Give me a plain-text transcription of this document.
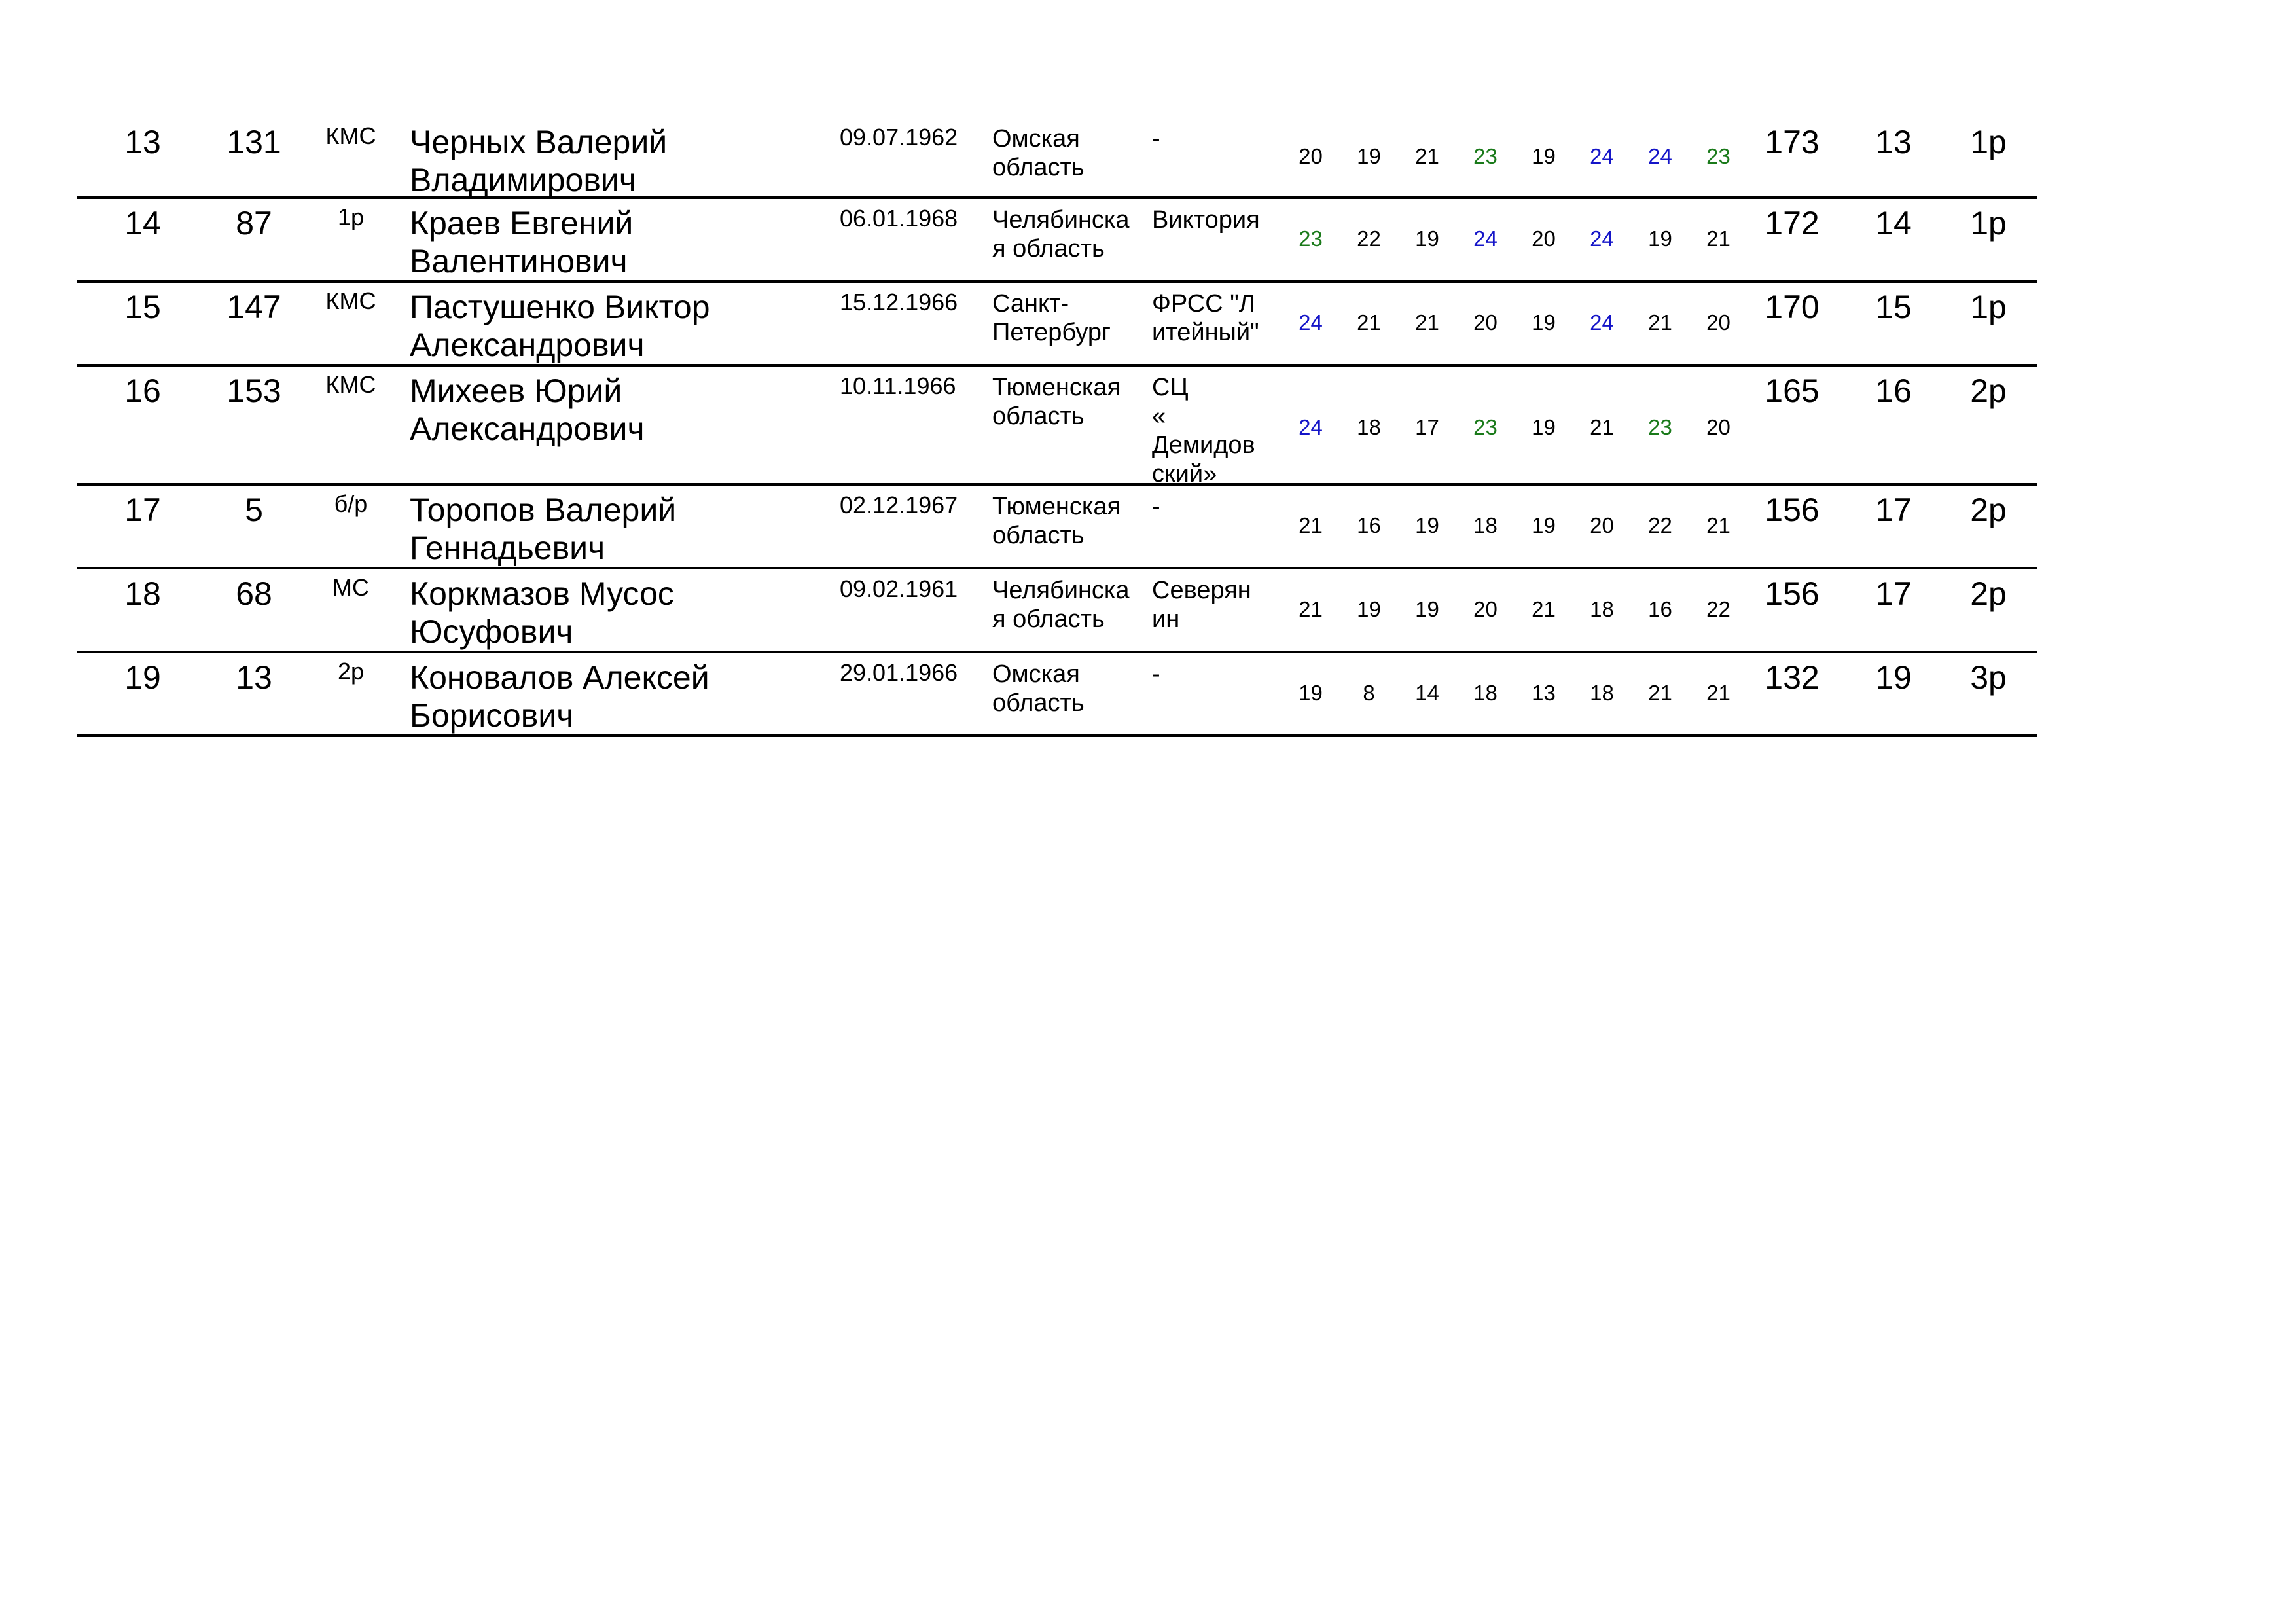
13	131	КМС	Черных Валерий
Владимирович
09.07.1962	Омская
область
-
20	19	21	23	19	24	24	23	173	13	1р
14	87	1р	Краев Евгений
Валентинович
06.01.1968	Челябинска
я область
Виктория
23	22	19	24	20	24	19	21	172	14	1р
15	147	КМС	Пастушенко Виктор
Александрович
15.12.1966	Санкт-
Петербург
ФРСС "Л
итейный"	24	21	21	20	19	24	21	20	170	15	1р
16	153	КМС	Михеев Юрий
Александрович
10.11.1966	Тюменская
область
СЦ
«
Демидов
ский»
24	18	17	23	19	21	23	20
165	16	2р
17	5	б/р	Торопов Валерий
Геннадьевич
02.12.1967	Тюменская
область
-
21	16	19	18	19	20	22	21	156	17	2р
18	68	МС	Коркмазов Мусос
Юсуфович
09.02.1961	Челябинска
я область
Северян
ин	21	19	19	20	21	18	16	22	156	17	2р
19	13	2р	Коновалов Алексей
Борисович
29.01.1966	Омская
область
-
19	8	14	18	13	18	21	21	132	19	3р
